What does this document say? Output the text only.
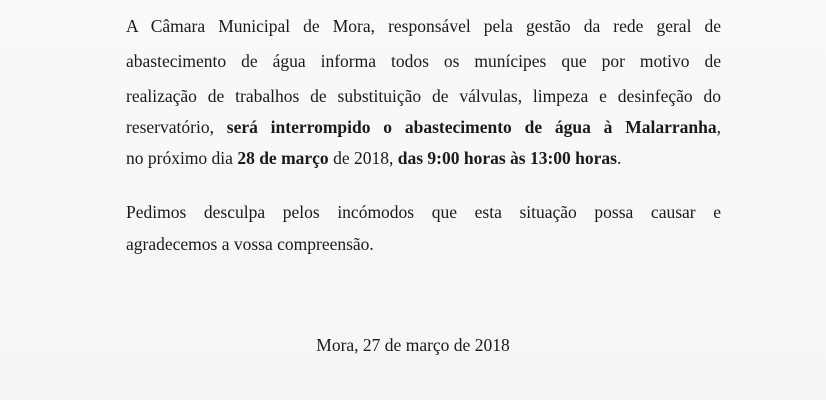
A Câmara Municipal de Mora, responsável pela gestão da rede geral de
abastecimento de água informa todos os munícipes que por motivo de
realização de trabalhos de substituição de válvulas, limpeza e desinfeção do
reservatório, será interrompido o abastecimento de água à Malarranha,
no próximo dia 28 de março de 2018, das 9:00 horas às 13:00 horas.
Pedimos desculpa pelos incómodos que esta situação possa causar e
agradecemos a vossa compreensão.
Mora, 27 de março de 2018
